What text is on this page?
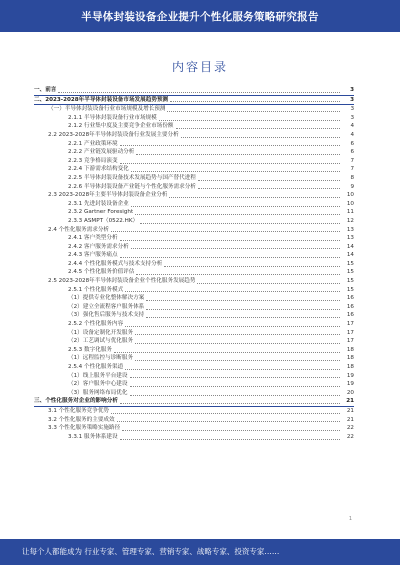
半导体封装设备企业提升个性化服务策略研究报告
内容目录
一、前言	3
二、2023-2028年半导体封装设备市场发展趋势预测	3
（一）半导体封装设备行业市场规模及增长预测	3
2.1.1 半导体封装设备行业市场规模	3
2.1.2 行业集中度及主要竞争企业市场份额	4
2.2 2023-2028年半导体封装设备行业发展主要分析	4
2.2.1 产业政策环境	6
2.2.2 产业链发展驱动分析	6
2.2.3 竞争格局演变	7
2.2.4 下游需求结构变化	7
2.2.5 半导体封装设备技术发展趋势与国产替代进程	8
2.2.6 半导体封装设备产业链与个性化服务需求分析	9
2.3 2023-2028年主要半导体封装设备企业分析	10
2.3.1 先进封装设备企业	10
2.3.2 Gartner Foresight	11
2.3.3 ASMPT（0522.HK）	12
2.4 个性化服务需求分析	13
2.4.1 客户类型分析	13
2.4.2 客户服务需求分析	14
2.4.3 客户服务痛点	14
2.4.4 个性化服务模式与技术支持分析	15
2.4.5 个性化服务价值评估	15
2.5 2023-2028年半导体封装设备企业个性化服务发展趋势	15
2.5.1 个性化服务模式	15
（1）提供专业化整体解决方案	16
（2）建立全流程客户服务体系	16
（3）强化售后服务与技术支持	16
2.5.2 个性化服务内容	17
（1）设备定制化开发服务	17
（2）工艺调试与优化服务	17
2.5.3 数字化服务	18
（1）远程监控与诊断服务	18
2.5.4 个性化服务渠道	18
（1）线上服务平台建设	19
（2）客户服务中心建设	19
（3）服务网络布局优化	20
三、个性化服务对企业的影响分析	21
3.1 个性化服务竞争优势	21
3.2 个性化服务的主要成效	21
3.3 个性化服务策略实施路径	22
3.3.1 服务体系建设	22
1
让每个人都能成为 行业专家、管理专家、营销专家、战略专家、投资专家……
